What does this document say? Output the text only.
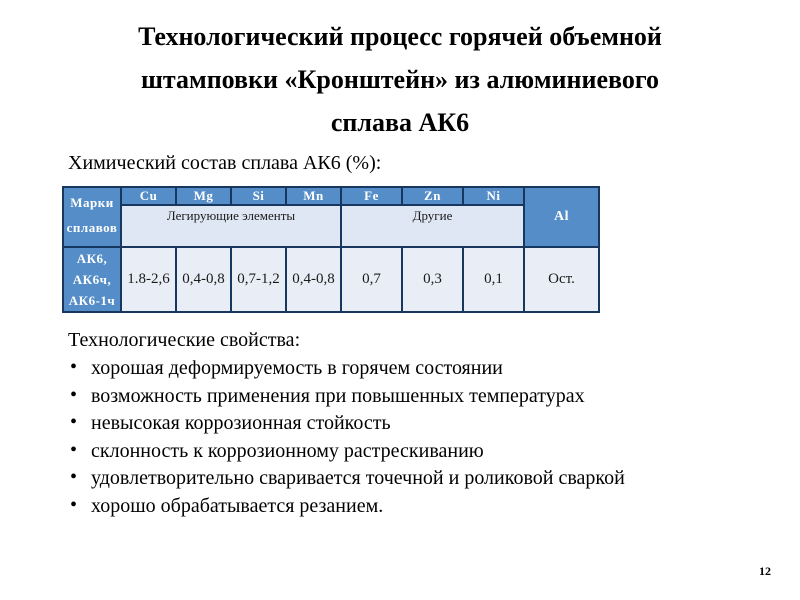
Технологический процесс горячей объемной
штамповки «Кронштейн» из алюминиевого
сплава АК6

Химический состав сплава АК6 (%):

Марки сплавов	Cu	Mg	Si	Mn	Fe	Zn	Ni	Al
	Легирующие элементы				Другие			

АК6,
АК6ч,
АК6-1ч	1.8-2,6	0,4-0,8	0,7-1,2	0,4-0,8	0,7	0,3	0,1	Ост.

Технологические свойства:

• хорошая деформируемость в горячем состоянии
• возможность применения при повышенных температурах
• невысокая коррозионная стойкость
• склонность к коррозионному растрескиванию
• удовлетворительно сваривается точечной и роликовой сваркой
• хорошо обрабатывается резанием.
12
